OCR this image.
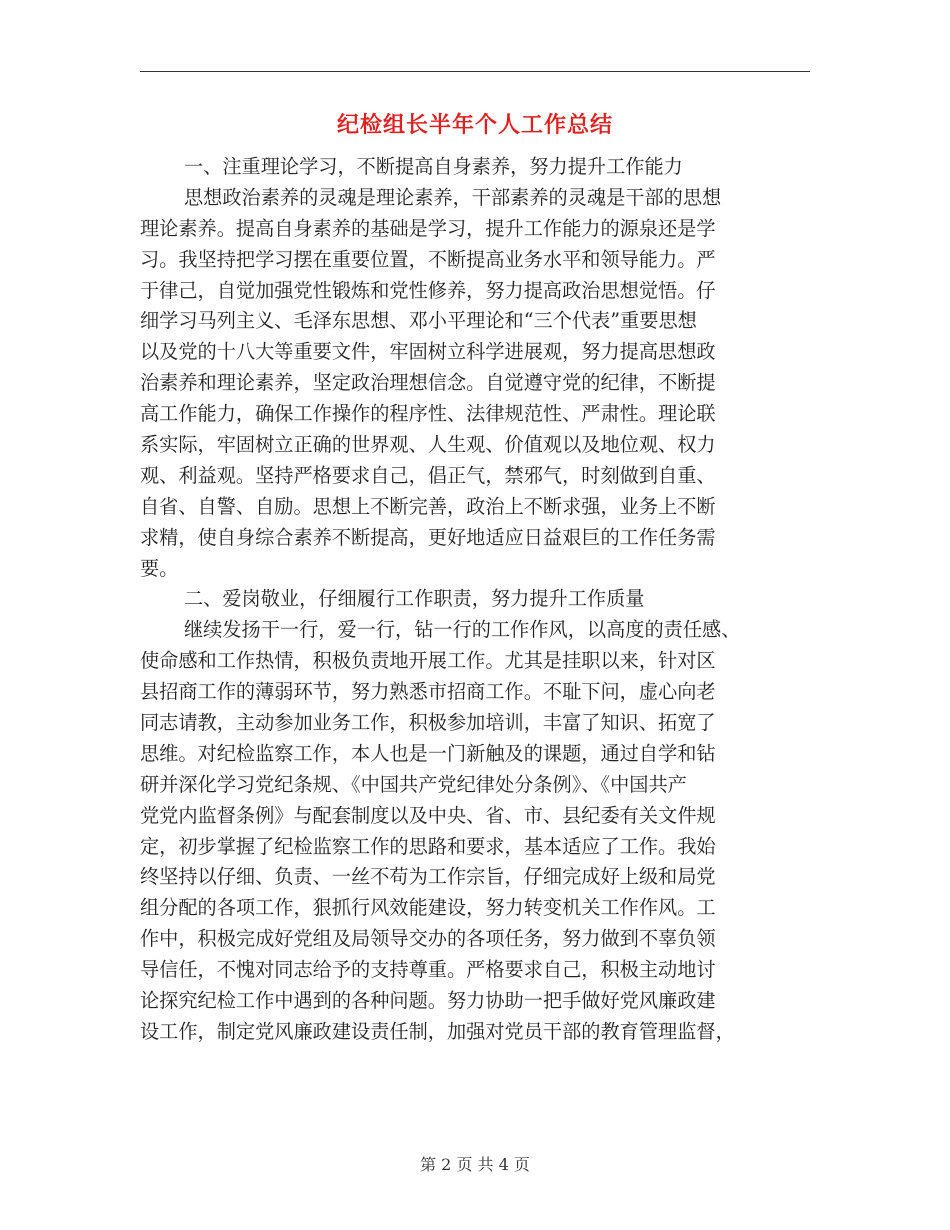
纪检组长半年个人工作总结
一、注重理论学习，不断提高自身素养，努力提升工作能力
思想政治素养的灵魂是理论素养，干部素养的灵魂是干部的思想
理论素养。提高自身素养的基础是学习，提升工作能力的源泉还是学
习。我坚持把学习摆在重要位置，不断提高业务水平和领导能力。严
于律己，自觉加强党性锻炼和党性修养，努力提高政治思想觉悟。仔
细学习马列主义、毛泽东思想、邓小平理论和“三个代表”重要思想
以及党的十八大等重要文件，牢固树立科学进展观，努力提高思想政
治素养和理论素养，坚定政治理想信念。自觉遵守党的纪律，不断提
高工作能力，确保工作操作的程序性、法律规范性、严肃性。理论联
系实际，牢固树立正确的世界观、人生观、价值观以及地位观、权力
观、利益观。坚持严格要求自己，倡正气，禁邪气，时刻做到自重、
自省、自警、自励。思想上不断完善，政治上不断求强，业务上不断
求精，使自身综合素养不断提高，更好地适应日益艰巨的工作任务需
要。
二、爱岗敬业，仔细履行工作职责，努力提升工作质量
继续发扬干一行，爱一行，钻一行的工作作风，以高度的责任感、
使命感和工作热情，积极负责地开展工作。尤其是挂职以来，针对区
县招商工作的薄弱环节，努力熟悉市招商工作。不耻下问，虚心向老
同志请教，主动参加业务工作，积极参加培训，丰富了知识、拓宽了
思维。对纪检监察工作，本人也是一门新触及的课题，通过自学和钻
研并深化学习党纪条规、《中国共产党纪律处分条例》、《中国共产
党党内监督条例》与配套制度以及中央、省、市、县纪委有关文件规
定，初步掌握了纪检监察工作的思路和要求，基本适应了工作。我始
终坚持以仔细、负责、一丝不苟为工作宗旨，仔细完成好上级和局党
组分配的各项工作，狠抓行风效能建设，努力转变机关工作作风。工
作中，积极完成好党组及局领导交办的各项任务，努力做到不辜负领
导信任，不愧对同志给予的支持尊重。严格要求自己，积极主动地讨
论探究纪检工作中遇到的各种问题。努力协助一把手做好党风廉政建
设工作，制定党风廉政建设责任制，加强对党员干部的教育管理监督，
第 2 页 共 4 页
